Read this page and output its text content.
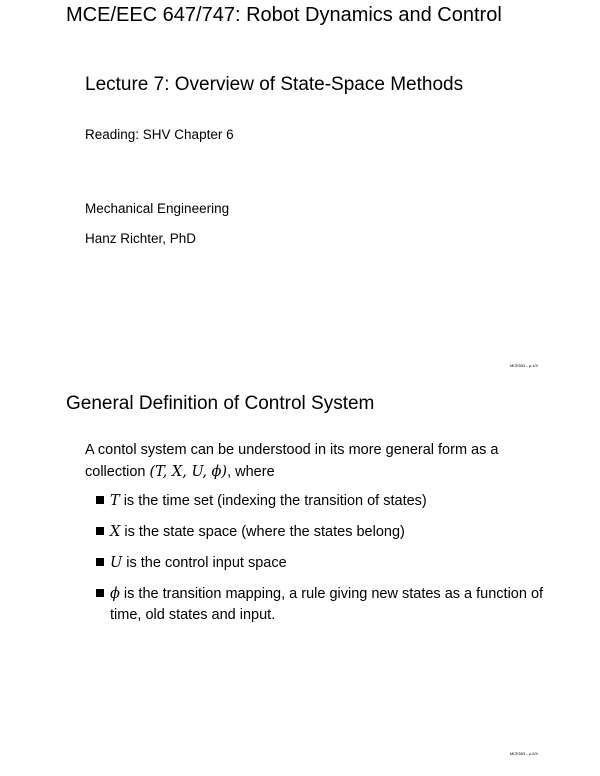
MCE/EEC 647/747: Robot Dynamics and Control
Lecture 7: Overview of State-Space Methods
Reading: SHV Chapter 6
Mechanical Engineering
Hanz Richter, PhD
MCE503 – p.1/X
General Definition of Control System
A contol system can be understood in its more general form as a
collection (T, X, U, ϕ), where
T is the time set (indexing the transition of states)
X is the state space (where the states belong)
U is the control input space
ϕ is the transition mapping, a rule giving new states as a function of time, old states and input.
MCE503 – p.2/X
